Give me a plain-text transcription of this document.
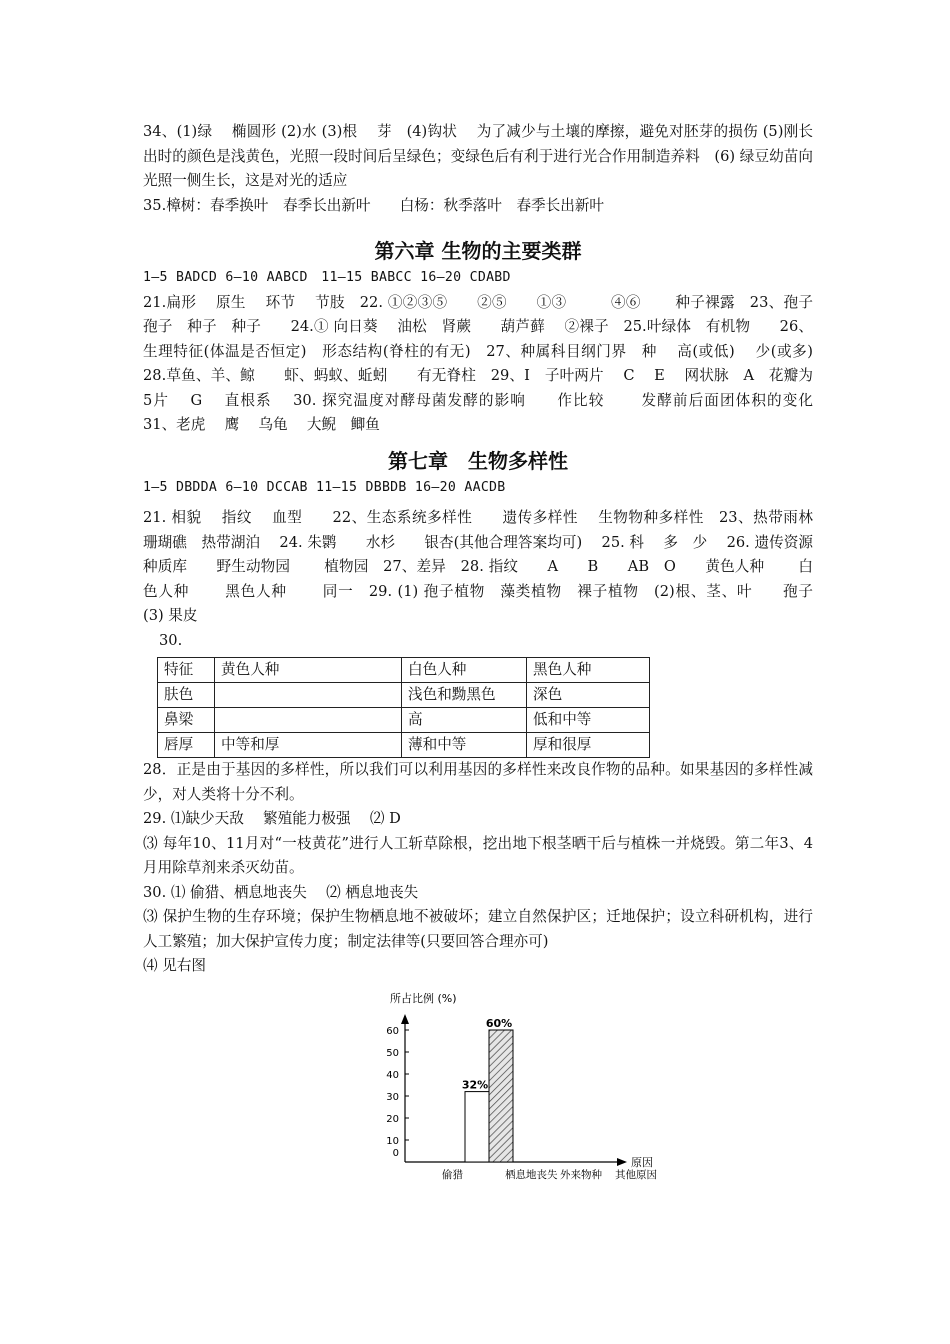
34、(1)绿　 椭圆形 (2)水 (3)根　 芽　(4)钩状　 为了减少与土壤的摩擦，避免对胚芽的损伤 (5)刚长出时的颜色是浅黄色，光照一段时间后呈绿色；变绿色后有利于进行光合作用制造养料　(6) 绿豆幼苗向光照一侧生长，这是对光的适应

35.樟树：春季换叶　春季长出新叶　　白杨：秋季落叶　春季长出新叶

第六章 生物的主要类群

1—5 BADCD 6—10 AABCD　11—15 BABCC 16—20 CDABD

21.扁形　 原生　 环节　 节肢　22. ①②③⑤　　②⑤　　①③　　　④⑥　　 种子裸露　23、孢子　孢子　种子　种子　　24.① 向日葵　 油松　肾蕨　　葫芦藓　 ②裸子　25.叶绿体　有机物　　26、生理特征(体温是否恒定)　形态结构(脊柱的有无)　27、种属科目纲门界　种　 高(或低)　 少(或多)　 28.草鱼、羊、鲸　　虾、蚂蚁、蚯蚓　　有无脊柱　29、I　子叶两片　 C　 E　 网状脉　A　花瓣为5片　 G　 直根系　 30. 探究温度对酵母菌发酵的影响　　作比较　　 发酵前后面团体积的变化　 31、老虎　 鹰　 乌龟　 大鲵　鲫鱼

第七章　生物多样性

1—5 DBDDA 6—10 DCCAB 11—15 DBBDB 16—20 AACDB

21. 相貌　 指纹　 血型　　22、生态系统多样性　　遗传多样性　 生物物种多样性　23、热带雨林　珊瑚礁　热带湖泊　 24. 朱鹮　　水杉　　银杏(其他合理答案均可)　 25. 科　 多　少　 26. 遗传资源种质库　　野生动物园　　 植物园　27、差异　28. 指纹　　A　　B　　AB　O　　黄色人种　　 白色人种　　 黑色人种　　 同一　29. (1) 孢子植物　藻类植物　裸子植物　(2)根、茎、叶　　孢子　(3) 果皮

30.

特征	黄色人种	白色人种	黑色人种
肤色		浅色和黝黑色	深色
鼻梁		高	低和中等
唇厚	中等和厚	薄和中等	厚和很厚

28．正是由于基因的多样性，所以我们可以利用基因的多样性来改良作物的品种。如果基因的多样性减少，对人类将十分不利。

29. ⑴缺少天敌　 繁殖能力极强　 ⑵ D

⑶ 每年10、11月对“一枝黄花”进行人工斩草除根，挖出地下根茎晒干后与植株一并烧毁。第二年3、4月用除草剂来杀灭幼苗。

30. ⑴ 偷猎、栖息地丧失　 ⑵ 栖息地丧失

⑶ 保护生物的生存环境；保护生物栖息地不被破坏；建立自然保护区；迁地保护；设立科研机构，进行人工繁殖；加大保护宣传力度；制定法律等(只要回答合理亦可)

⑷ 见右图

所占比例 (%)
原因
0
10
20
30
40
50
60
32%
60%
偷猎	栖息地丧失 外来物种 其他原因
